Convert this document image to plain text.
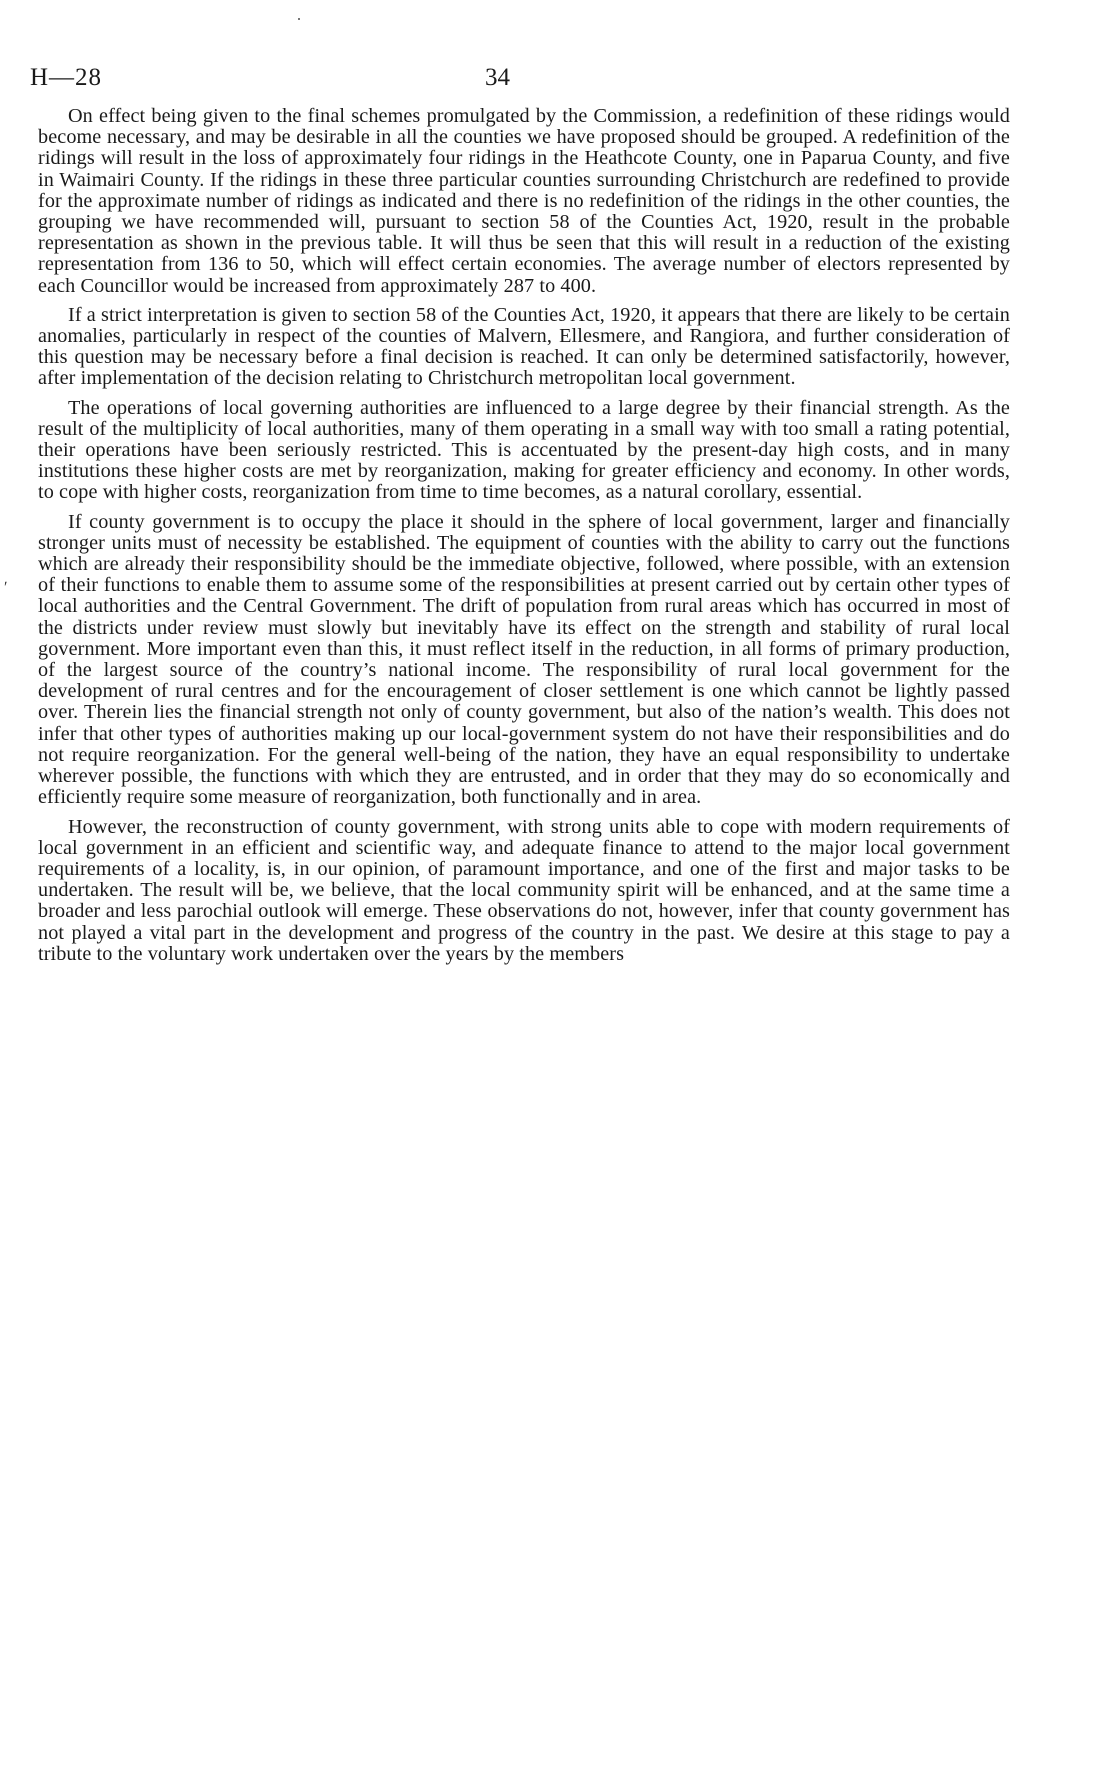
H—28	34
ʹ

On effect being given to the final schemes promulgated by the Commission, a redefinition of these ridings would become necessary, and may be desirable in all the counties we have proposed should be grouped. A redefinition of the ridings will result in the loss of approximately four ridings in the Heathcote County, one in Paparua County, and five in Waimairi County. If the ridings in these three particular counties surrounding Christchurch are redefined to provide for the approximate number of ridings as indicated and there is no redefinition of the ridings in the other counties, the grouping we have recommended will, pursuant to section 58 of the Counties Act, 1920, result in the probable representation as shown in the previous table. It will thus be seen that this will result in a reduction of the existing representation from 136 to 50, which will effect certain economies. The average number of electors represented by each Councillor would be increased from approximately 287 to 400.

If a strict interpretation is given to section 58 of the Counties Act, 1920, it appears that there are likely to be certain anomalies, particularly in respect of the counties of Malvern, Ellesmere, and Rangiora, and further consideration of this question may be necessary before a final decision is reached. It can only be determined satisfactorily, however, after implementation of the decision relating to Christchurch metropolitan local government.

The operations of local governing authorities are influenced to a large degree by their financial strength. As the result of the multiplicity of local authorities, many of them operating in a small way with too small a rating potential, their operations have been seriously restricted. This is accentuated by the present-day high costs, and in many institutions these higher costs are met by reorganization, making for greater efficiency and economy. In other words, to cope with higher costs, reorganization from time to time becomes, as a natural corollary, essential.

If county government is to occupy the place it should in the sphere of local government, larger and financially stronger units must of necessity be established. The equipment of counties with the ability to carry out the functions which are already their responsibility should be the immediate objective, followed, where possible, with an extension of their functions to enable them to assume some of the responsibilities at present carried out by certain other types of local authorities and the Central Government. The drift of population from rural areas which has occurred in most of the districts under review must slowly but inevitably have its effect on the strength and stability of rural local government. More important even than this, it must reflect itself in the reduction, in all forms of primary production, of the largest source of the country’s national income. The responsibility of rural local government for the development of rural centres and for the encouragement of closer settlement is one which cannot be lightly passed over. Therein lies the financial strength not only of county government, but also of the nation’s wealth. This does not infer that other types of authorities making up our local-government system do not have their responsibilities and do not require reorganization. For the general well-being of the nation, they have an equal responsibility to undertake wherever possible, the functions with which they are entrusted, and in order that they may do so economically and efficiently require some measure of reorganization, both functionally and in area.

However, the reconstruction of county government, with strong units able to cope with modern requirements of local government in an efficient and scientific way, and adequate finance to attend to the major local government requirements of a locality, is, in our opinion, of paramount importance, and one of the first and major tasks to be undertaken. The result will be, we believe, that the local community spirit will be enhanced, and at the same time a broader and less parochial outlook will emerge. These observations do not, however, infer that county government has not played a vital part in the development and progress of the country in the past. We desire at this stage to pay a tribute to the voluntary work undertaken over the years by the members
